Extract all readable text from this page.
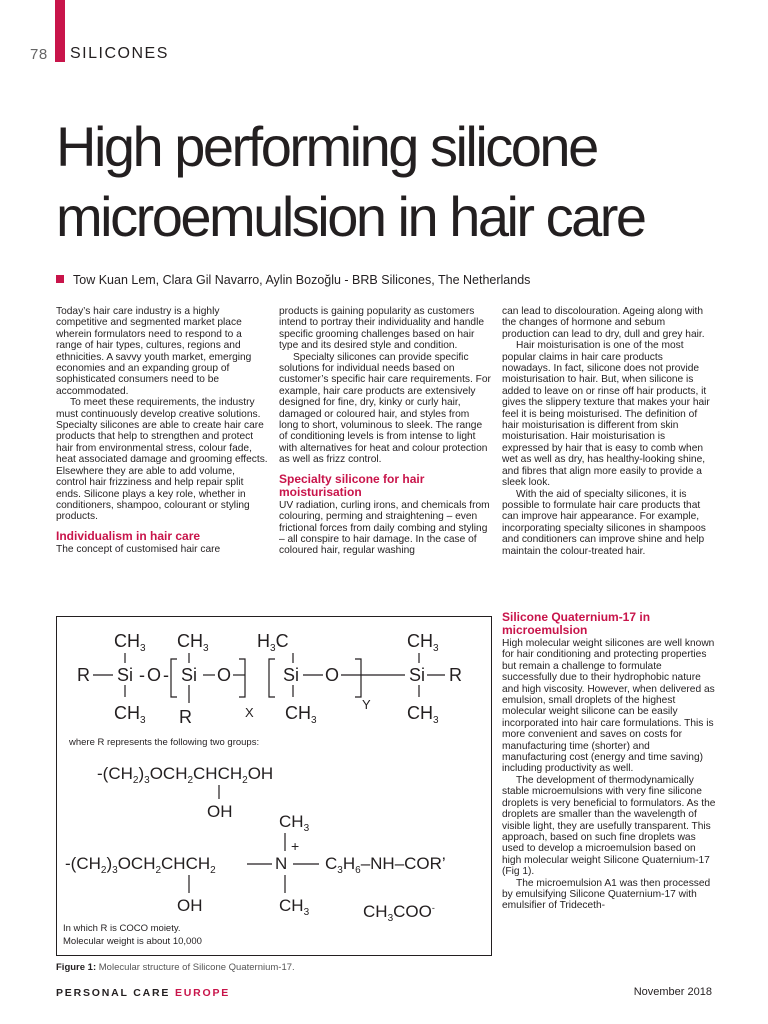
78 SILICONES
High performing silicone
microemulsion in hair care
Tow Kuan Lem, Clara Gil Navarro, Aylin Bozoğlu - BRB Silicones, The Netherlands

Today’s hair care industry is a highly competitive and segmented market place wherein formulators need to respond to a range of hair types, cultures, regions and ethnicities. A savvy youth market, emerging economies and an expanding group of sophisticated consumers need to be accommodated.

To meet these requirements, the industry must continuously develop creative solutions. Specialty silicones are able to create hair care products that help to strengthen and protect hair from environmental stress, colour fade, heat associated damage and grooming effects. Elsewhere they are able to add volume, control hair frizziness and help repair split ends. Silicone plays a key role, whether in conditioners, shampoo, colourant or styling products.

Individualism in hair care

The concept of customised hair care

products is gaining popularity as customers intend to portray their individuality and handle specific grooming challenges based on hair type and its desired style and condition.

Specialty silicones can provide specific solutions for individual needs based on customer’s specific hair care requirements. For example, hair care products are extensively designed for fine, dry, kinky or curly hair, damaged or coloured hair, and styles from long to short, voluminous to sleek. The range of conditioning levels is from intense to light with alternatives for heat and colour protection as well as frizz control.

Specialty silicone for hair moisturisation

UV radiation, curling irons, and chemicals from colouring, perming and straightening – even frictional forces from daily combing and styling – all conspire to hair damage. In the case of coloured hair, regular washing

can lead to discolouration. Ageing along with the changes of hormone and sebum production can lead to dry, dull and grey hair.

Hair moisturisation is one of the most popular claims in hair care products nowadays. In fact, silicone does not provide moisturisation to hair. But, when silicone is added to leave on or rinse off hair products, it gives the slippery texture that makes your hair feel it is being moisturised. The definition of hair moisturisation is different from skin moisturisation. Hair moisturisation is expressed by hair that is easy to comb when wet as well as dry, has healthy-looking shine, and fibres that align more easily to provide a sleek look.

With the aid of specialty silicones, it is possible to formulate hair care products that can improve hair appearance. For example, incorporating specialty silicones in shampoos and conditioners can improve shine and help maintain the colour-treated hair.

Silicone Quaternium-17 in microemulsion

High molecular weight silicones are well known for hair conditioning and protecting properties but remain a challenge to formulate successfully due to their hydrophobic nature and high viscosity. However, when delivered as emulsion, small droplets of the highest molecular weight silicone can be easily incorporated into hair care formulations. This is more convenient and saves on costs for manufacturing time (shorter) and manufacturing cost (energy and time saving) including productivity as well.

The development of thermodynamically stable microemulsions with very fine silicone droplets is very beneficial to formulators. As the droplets are smaller than the wavelength of visible light, they are usefully transparent. This approach, based on such fine droplets was used to develop a microemulsion based on high molecular weight Silicone Quaternium-17 (Fig 1).

The microemulsion A1 was then processed by emulsifying Silicone Quaternium-17 with emulsifier of Trideceth-

$CH_3$ $CH_3$	$H_3C$	$CH_3$
R Si - O - Si O	Si O	Si R
$CH_3$ R	$CH_3$	$CH_3$
X
Y
where R represents the following two groups:
In which R is COCO moiety.
Molecular weight is about 10,000
$-(CH_2)_3OCH_2CHCH_2OH$
OH
$CH_3$
+
$-(CH_2)_3OCH_2CHCH_2$	N $C_3H_6-NH$–COR’
OH	$CH_3$	$CH_3COO^-$
Figure 1: Molecular structure of Silicone Quaternium-17.
PERSONAL CARE EUROPE	November 2018
